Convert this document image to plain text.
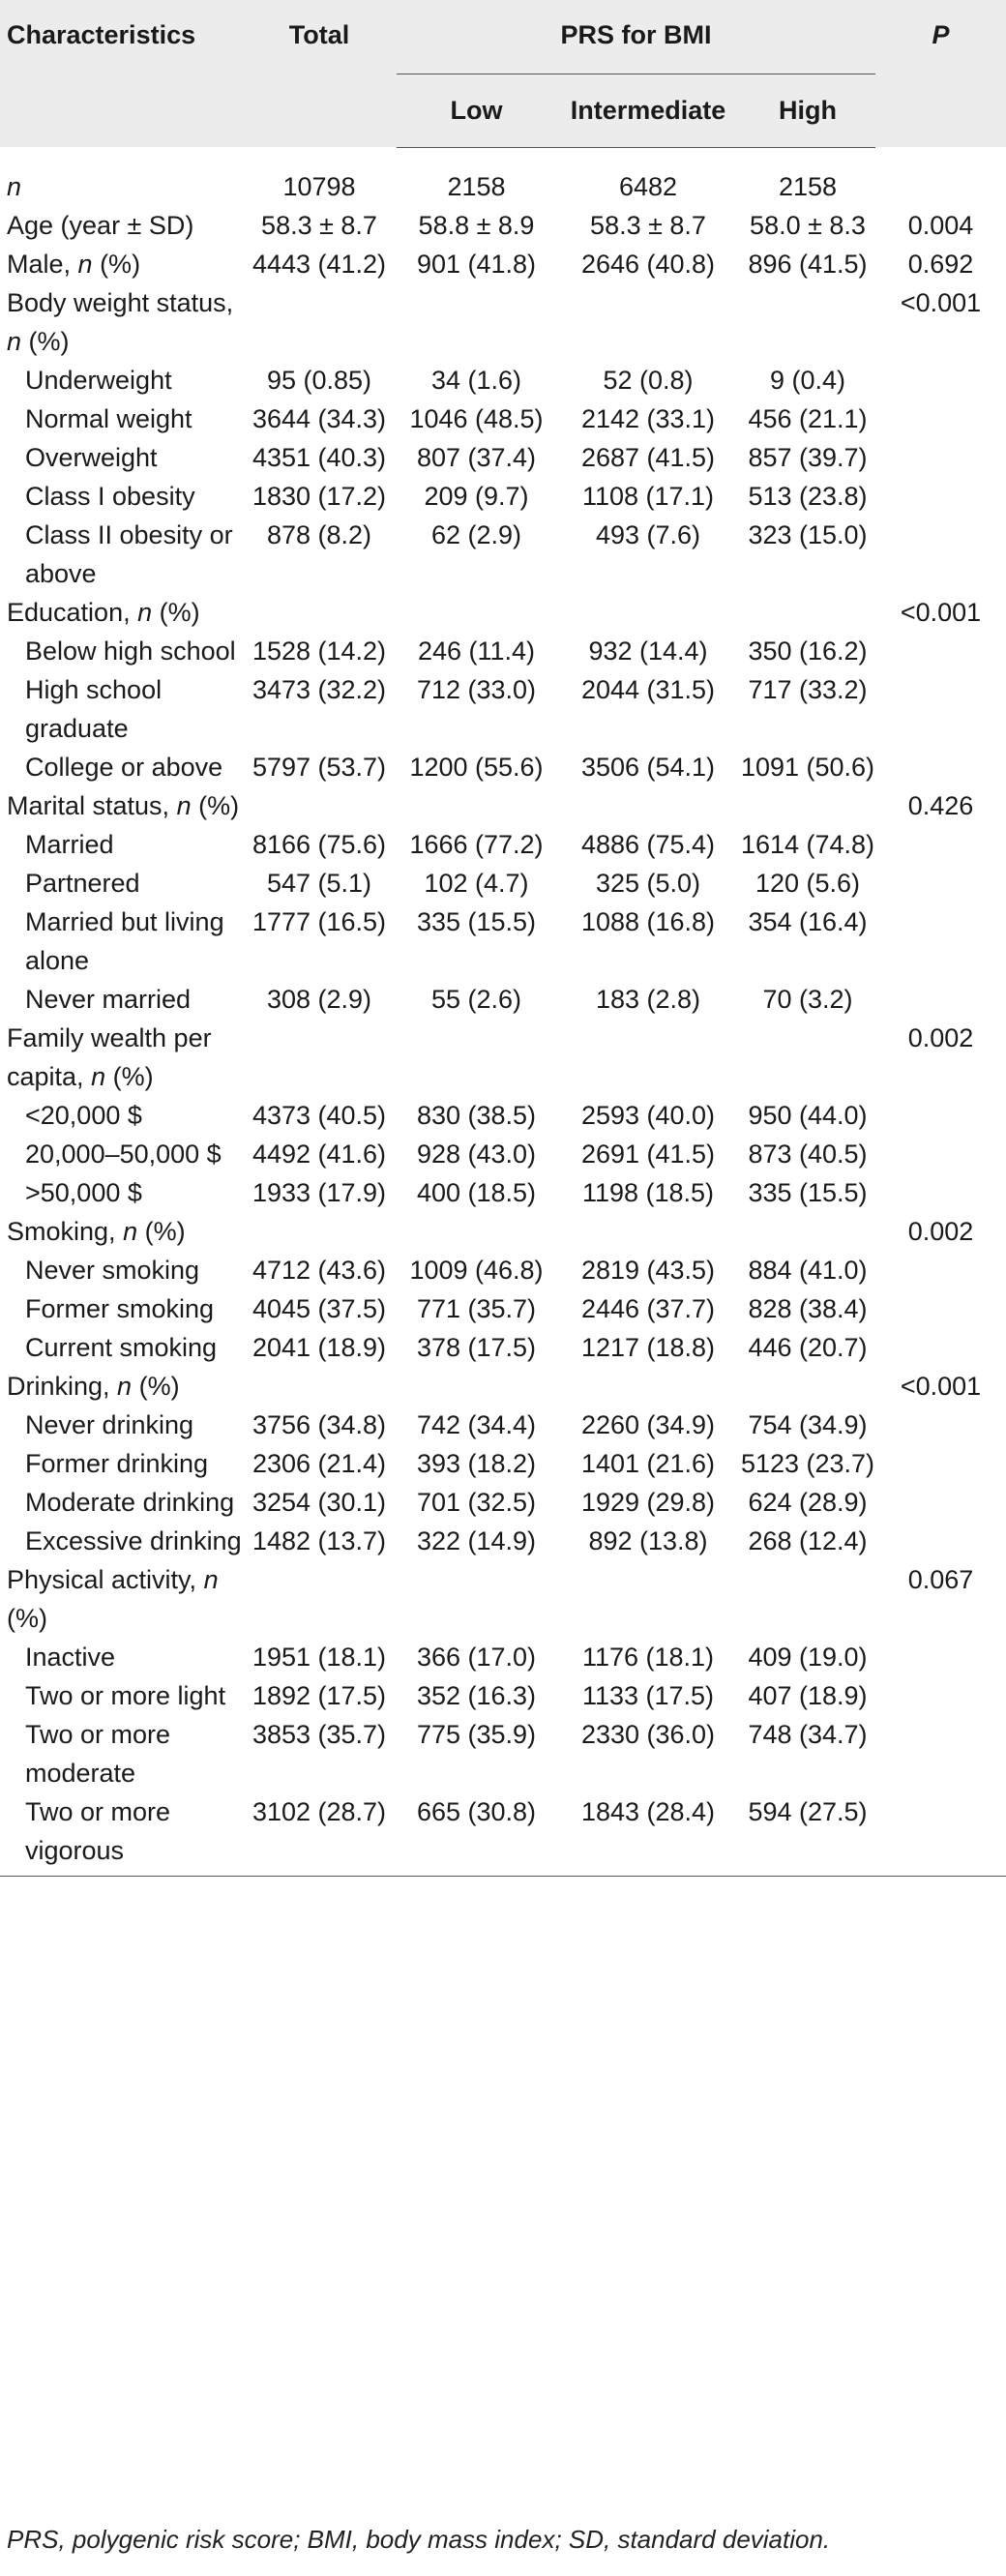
Characteristics	Total	PRS for BMI			P
		Low	Intermediate	High	

n	10798	2158	6482	2158	
Age (year ± SD)	58.3 ± 8.7	58.8 ± 8.9	58.3 ± 8.7	58.0 ± 8.3	0.004
Male, n (%)	4443 (41.2)	901 (41.8)	2646 (40.8)	896 (41.5)	0.692
Body weight status, n (%)					<0.001
Underweight	95 (0.85)	34 (1.6)	52 (0.8)	9 (0.4)	
Normal weight	3644 (34.3)	1046 (48.5)	2142 (33.1)	456 (21.1)	
Overweight	4351 (40.3)	807 (37.4)	2687 (41.5)	857 (39.7)	
Class I obesity	1830 (17.2)	209 (9.7)	1108 (17.1)	513 (23.8)	
Class II obesity or above	878 (8.2)	62 (2.9)	493 (7.6)	323 (15.0)	
Education, n (%)					<0.001
Below high school	1528 (14.2)	246 (11.4)	932 (14.4)	350 (16.2)	
High school graduate	3473 (32.2)	712 (33.0)	2044 (31.5)	717 (33.2)	
College or above	5797 (53.7)	1200 (55.6)	3506 (54.1)	1091 (50.6)	
Marital status, n (%)					0.426
Married	8166 (75.6)	1666 (77.2)	4886 (75.4)	1614 (74.8)	
Partnered	547 (5.1)	102 (4.7)	325 (5.0)	120 (5.6)	
Married but living alone	1777 (16.5)	335 (15.5)	1088 (16.8)	354 (16.4)	
Never married	308 (2.9)	55 (2.6)	183 (2.8)	70 (3.2)	
Family wealth per capita, n (%)					0.002
<20,000 $	4373 (40.5)	830 (38.5)	2593 (40.0)	950 (44.0)	
20,000–50,000 $	4492 (41.6)	928 (43.0)	2691 (41.5)	873 (40.5)	
>50,000 $	1933 (17.9)	400 (18.5)	1198 (18.5)	335 (15.5)	
Smoking, n (%)					0.002
Never smoking	4712 (43.6)	1009 (46.8)	2819 (43.5)	884 (41.0)	
Former smoking	4045 (37.5)	771 (35.7)	2446 (37.7)	828 (38.4)	
Current smoking	2041 (18.9)	378 (17.5)	1217 (18.8)	446 (20.7)	
Drinking, n (%)					<0.001
Never drinking	3756 (34.8)	742 (34.4)	2260 (34.9)	754 (34.9)	
Former drinking	2306 (21.4)	393 (18.2)	1401 (21.6)	5123 (23.7)	
Moderate drinking	3254 (30.1)	701 (32.5)	1929 (29.8)	624 (28.9)	
Excessive drinking	1482 (13.7)	322 (14.9)	892 (13.8)	268 (12.4)	
Physical activity, n (%)					0.067
Inactive	1951 (18.1)	366 (17.0)	1176 (18.1)	409 (19.0)	
Two or more light	1892 (17.5)	352 (16.3)	1133 (17.5)	407 (18.9)	
Two or more moderate	3853 (35.7)	775 (35.9)	2330 (36.0)	748 (34.7)	
Two or more vigorous	3102 (28.7)	665 (30.8)	1843 (28.4)	594 (27.5)	
PRS, polygenic risk score; BMI, body mass index; SD, standard deviation.
